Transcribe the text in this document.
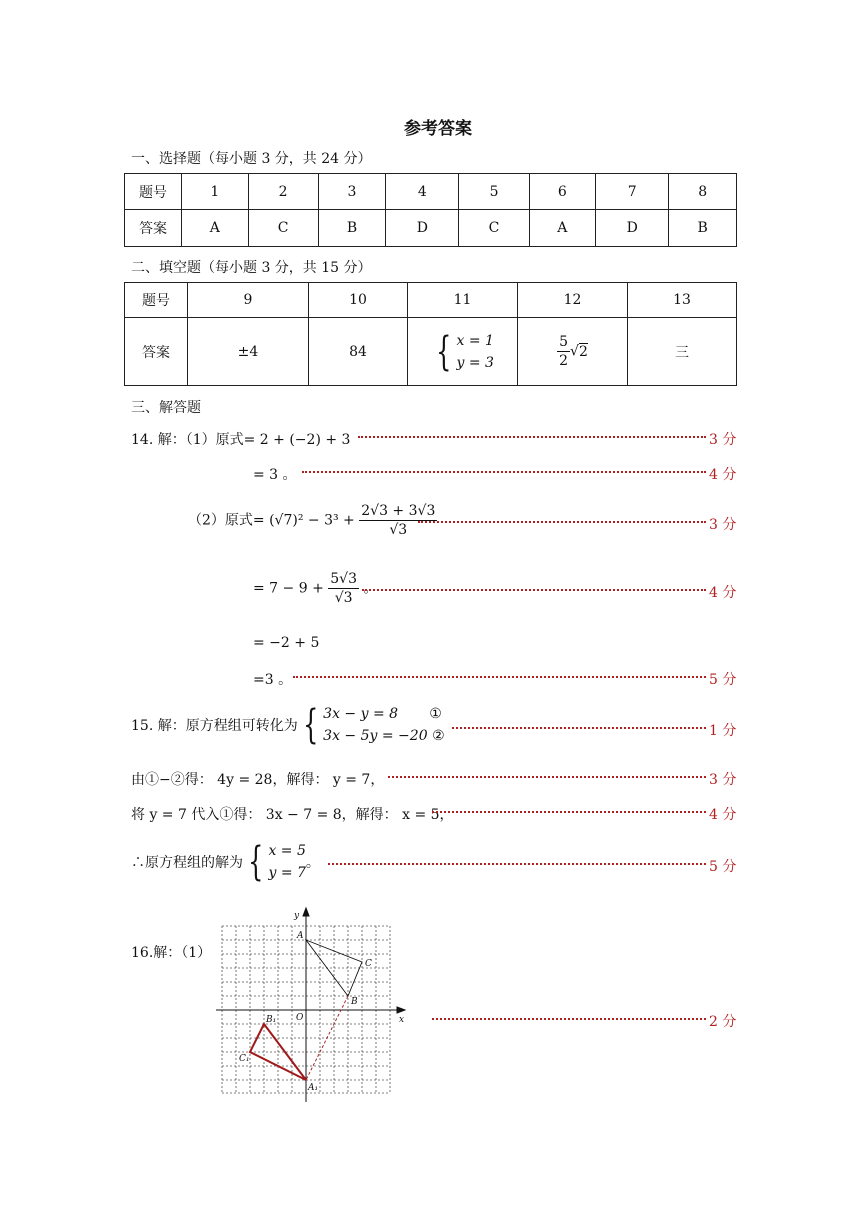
参考答案
一、选择题（每小题 3 分，共 24 分）
题号	1	2	3	4	5	6	7	8
答案	A	C	B	D	C	A	D	B
二、填空题（每小题 3 分，共 15 分）
题号	9	10	11	12	13
答案	±4	84	{ x = 1
y = 3	$\frac{5}{2} √2$	三
三、解答题
14. 解：（1）原式= 2 + (−2) + 3	3 分
= 3 。	4 分
（2）原式= $(√7)^2 - 3^3 + \frac{2√3 + 3√3}{√3}$	3 分
= $7 - 9 + \frac{5√3}{√3}$ 。	4 分
= −2 + 5
=3 。	5 分
15. 解：原方程组可转化为 { 3x − y = 8 ①
3x − 5y = −20 ②	1 分
由①−②得： 4y = 28，解得： y = 7，	3 分
将 y = 7 代入①得： 3x − 7 = 8，解得： x = 5，	4 分
∴原方程组的解为 { x = 5
y = 7
。	5 分
16.解：（1）
y
x
O
A
C
B
B₁
C₁
A₁
2 分
